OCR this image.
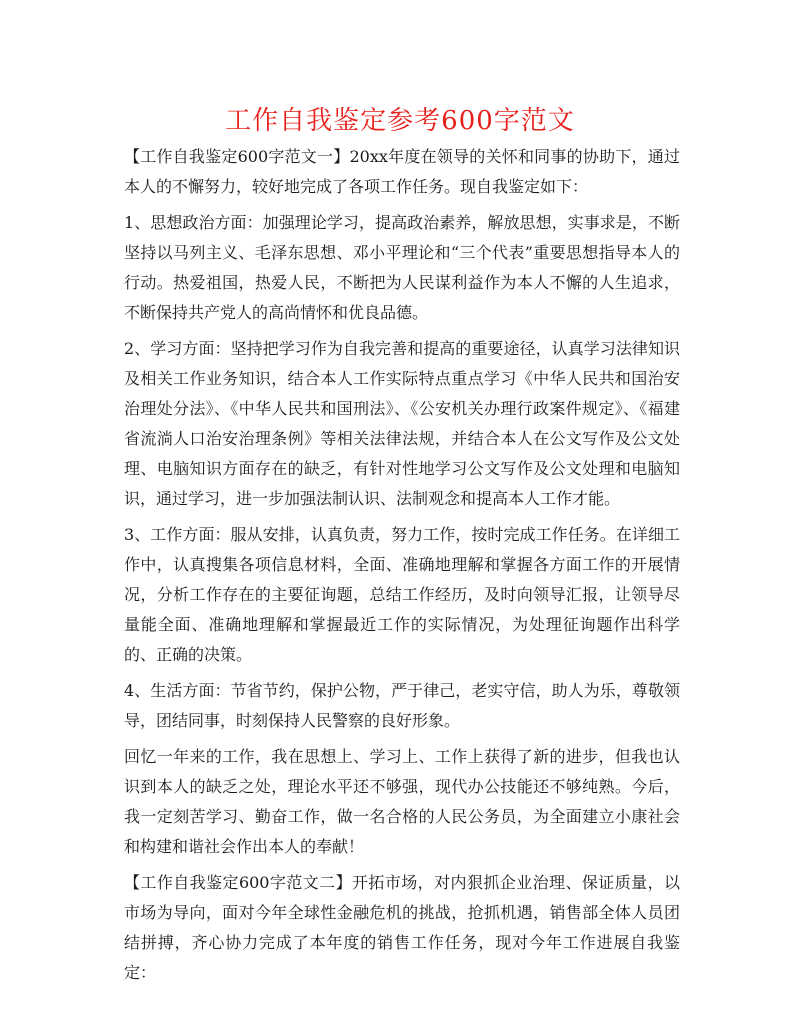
工作自我鉴定参考600字范文

【工作自我鉴定600字范文一】20xx年度在领导的关怀和同事的协助下，通过本人的不懈努力，较好地完成了各项工作任务。现自我鉴定如下：

1、思想政治方面：加强理论学习，提高政治素养，解放思想，实事求是，不断坚持以马列主义、毛泽东思想、邓小平理论和“三个代表”重要思想指导本人的行动。热爱祖国，热爱人民，不断把为人民谋利益作为本人不懈的人生追求，不断保持共产党人的高尚情怀和优良品德。

2、学习方面：坚持把学习作为自我完善和提高的重要途径，认真学习法律知识及相关工作业务知识，结合本人工作实际特点重点学习《中华人民共和国治安治理处分法》、《中华人民共和国刑法》、《公安机关办理行政案件规定》、《福建省流淌人口治安治理条例》等相关法律法规，并结合本人在公文写作及公文处理、电脑知识方面存在的缺乏，有针对性地学习公文写作及公文处理和电脑知识，通过学习，进一步加强法制认识、法制观念和提高本人工作才能。

3、工作方面：服从安排，认真负责，努力工作，按时完成工作任务。在详细工作中，认真搜集各项信息材料，全面、准确地理解和掌握各方面工作的开展情况，分析工作存在的主要征询题，总结工作经历，及时向领导汇报，让领导尽量能全面、准确地理解和掌握最近工作的实际情况，为处理征询题作出科学的、正确的决策。

4、生活方面：节省节约，保护公物，严于律己，老实守信，助人为乐，尊敬领导，团结同事，时刻保持人民警察的良好形象。

回忆一年来的工作，我在思想上、学习上、工作上获得了新的进步，但我也认识到本人的缺乏之处，理论水平还不够强，现代办公技能还不够纯熟。今后，我一定刻苦学习、勤奋工作，做一名合格的人民公务员，为全面建立小康社会和构建和谐社会作出本人的奉献！

【工作自我鉴定600字范文二】开拓市场，对内狠抓企业治理、保证质量，以市场为导向，面对今年全球性金融危机的挑战，抢抓机遇，销售部全体人员团结拼搏，齐心协力完成了本年度的销售工作任务，现对今年工作进展自我鉴定：
